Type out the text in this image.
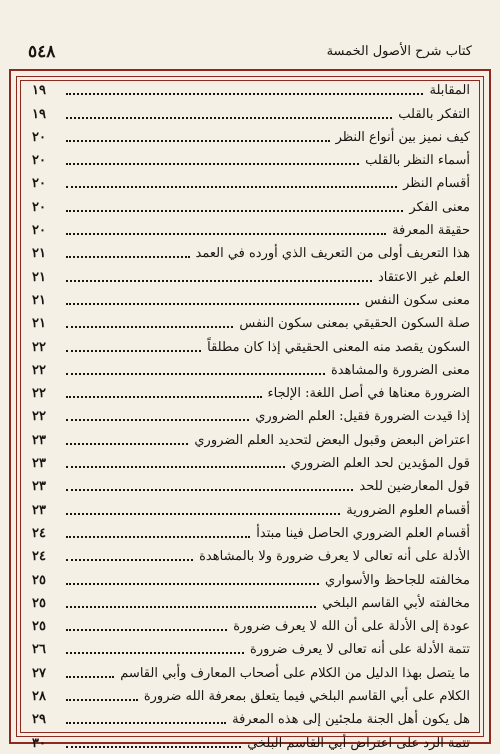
٥٤٨	كتاب شرح الأصول الخمسة
المقابلة
١٩
التفكر بالقلب
١٩
كيف نميز بين أنواع النظر
٢٠
أسماء النظر بالقلب
٢٠
أقسام النظر
٢٠
معنى الفكر
٢٠
حقيقة المعرفة
٢٠
هذا التعريف أولى من التعريف الذي أورده في العمد
٢١
العلم غير الاعتقاد
٢١
معنى سكون النفس
٢١
صلة السكون الحقيقي بمعنى سكون النفس
٢١
السكون يقصد منه المعنى الحقيقي إذا كان مطلقاً
٢٢
معنى الضرورة والمشاهدة
٢٢
الضرورة معناها في أصل اللغة: الإلجاء
٢٢
إذا قيدت الضرورة فقيل: العلم الضروري
٢٢
اعتراض البعض وقبول البعض لتحديد العلم الضروري
٢٣
قول المؤيدين لحد العلم الضروري
٢٣
قول المعارضين للحد
٢٣
أقسام العلوم الضرورية
٢٣
أقسام العلم الضروري الحاصل فينا مبتدأ
٢٤
الأدلة على أنه تعالى لا يعرف ضرورة ولا بالمشاهدة
٢٤
مخالفته للجاحظ والأسواري
٢٥
مخالفته لأبي القاسم البلخي
٢٥
عودة إلى الأدلة على أن الله لا يعرف ضرورة
٢٥
تتمة الأدلة على أنه تعالى لا يعرف ضرورة
٢٦
ما يتصل بهذا الدليل من الكلام على أصحاب المعارف وأبي القاسم
٢٧
الكلام على أبي القاسم البلخي فيما يتعلق بمعرفة الله ضرورة
٢٨
هل يكون أهل الجنة ملجئين إلى هذه المعرفة
٢٩
تتمة الرد على اعتراض أبي القاسم البلخي
٣٠
